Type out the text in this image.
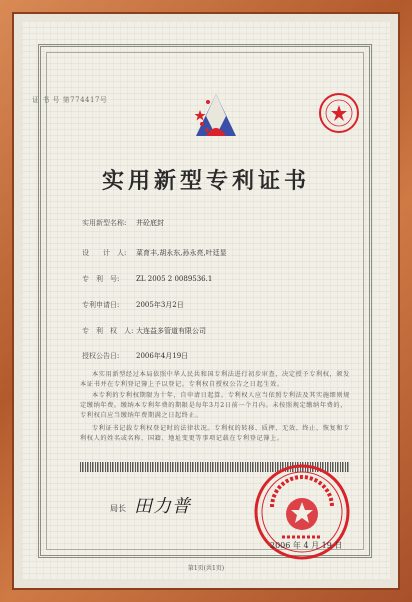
证 书 号 第774417号
实用新型专利证书
实用新型名称: 井砼底封
设　　计　人: 菜育丰,胡永东,孙永亮,叶廷显
专　利　号: ZL 2005 2 0089536.1
专利申请日: 2005年3月2日
专　利　权　人: 大连益多管道有限公司
授权公告日: 2006年4月19日
本实用新型经过本局依照中华人民共和国专利法进行初步审查，决定授予专利权，颁发本证书并在专利登记簿上予以登记。专利权自授权公告之日起生效。
本专利的专利权期限为十年，自申请日起算。专利权人应当依照专利法及其实施细则规定缴纳年费。缴纳本专利年费的期限是每年3月2日前一个月内。未按照规定缴纳年费的，专利权自应当缴纳年费期满之日起终止。
专利证书记载专利权登记时的法律状况。专利权的转移、质押、无效、终止、恢复和专利权人的姓名或名称、国籍、地址变更等事项记载在专利登记簿上。
局长 田力普
2006 年 4 月 19 日
第1页(共1页)
